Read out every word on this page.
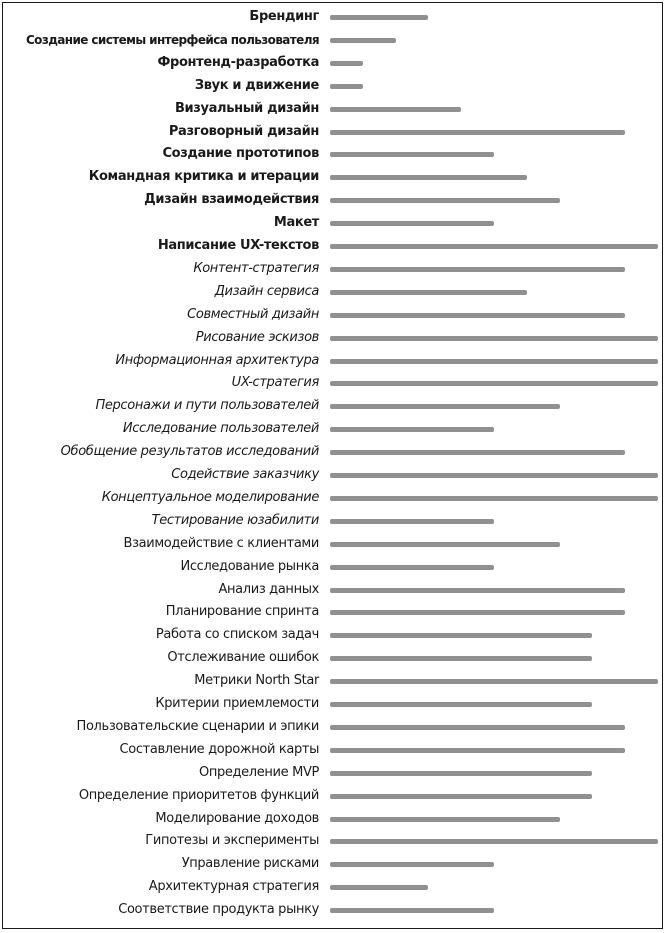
Брендинг
Создание системы интерфейса пользователя
Фронтенд-разработка
Звук и движение
Визуальный дизайн
Разговорный дизайн
Создание прототипов
Командная критика и итерации
Дизайн взаимодействия
Макет
Написание UX-текстов
Контент-стратегия
Дизайн сервиса
Совместный дизайн
Рисование эскизов
Информационная архитектура
UX-стратегия
Персонажи и пути пользователей
Исследование пользователей
Обобщение результатов исследований
Содействие заказчику
Концептуальное моделирование
Тестирование юзабилити
Взаимодействие с клиентами
Исследование рынка
Анализ данных
Планирование спринта
Работа со списком задач
Отслеживание ошибок
Метрики North Star
Критерии приемлемости
Пользовательские сценарии и эпики
Составление дорожной карты
Определение MVP
Определение приоритетов функций
Моделирование доходов
Гипотезы и эксперименты
Управление рисками
Архитектурная стратегия
Соответствие продукта рынку
